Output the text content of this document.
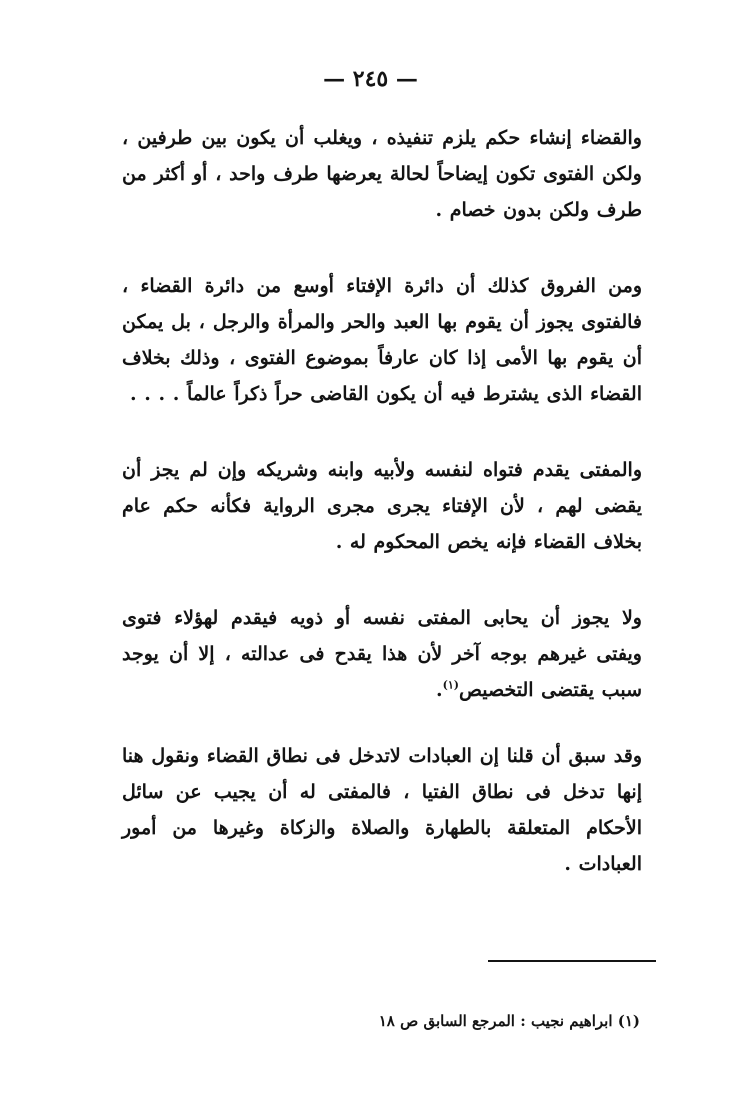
— ٢٤٥ —

والقضاء إنشاء حكم يلزم تنفيذه ، ويغلب أن يكون بين طرفين ، ولكن الفتوى تكون إيضاحاً لحالة يعرضها طرف واحد ، أو أكثر من طرف ولكن بدون خصام .

ومن الفروق كذلك أن دائرة الإفتاء أوسع من دائرة القضاء ، فالفتوى يجوز أن يقوم بها العبد والحر والمرأة والرجل ، بل يمكن أن يقوم بها الأمى إذا كان عارفاً بموضوع الفتوى ، وذلك بخلاف القضاء الذى يشترط فيه أن يكون القاضى حراً ذكراً عالماً . . . .

والمفتى يقدم فتواه لنفسه ولأبيه وابنه وشريكه وإن لم يجز أن يقضى لهم ، لأن الإفتاء يجرى مجرى الرواية فكأنه حكم عام بخلاف القضاء فإنه يخص المحكوم له .

ولا يجوز أن يحابى المفتى نفسه أو ذويه فيقدم لهؤلاء فتوى ويفتى غيرهم بوجه آخر لأن هذا يقدح فى عدالته ، إلا أن يوجد سبب يقتضى التخصيص$^{(١)}$.

وقد سبق أن قلنا إن العبادات لاتدخل فى نطاق القضاء ونقول هنا إنها تدخل فى نطاق الفتيا ، فالمفتى له أن يجيب عن سائل الأحكام المتعلقة بالطهارة والصلاة والزكاة وغيرها من أمور العبادات .

(١) ابراهيم نجيب : المرجع السابق ص ١٨
